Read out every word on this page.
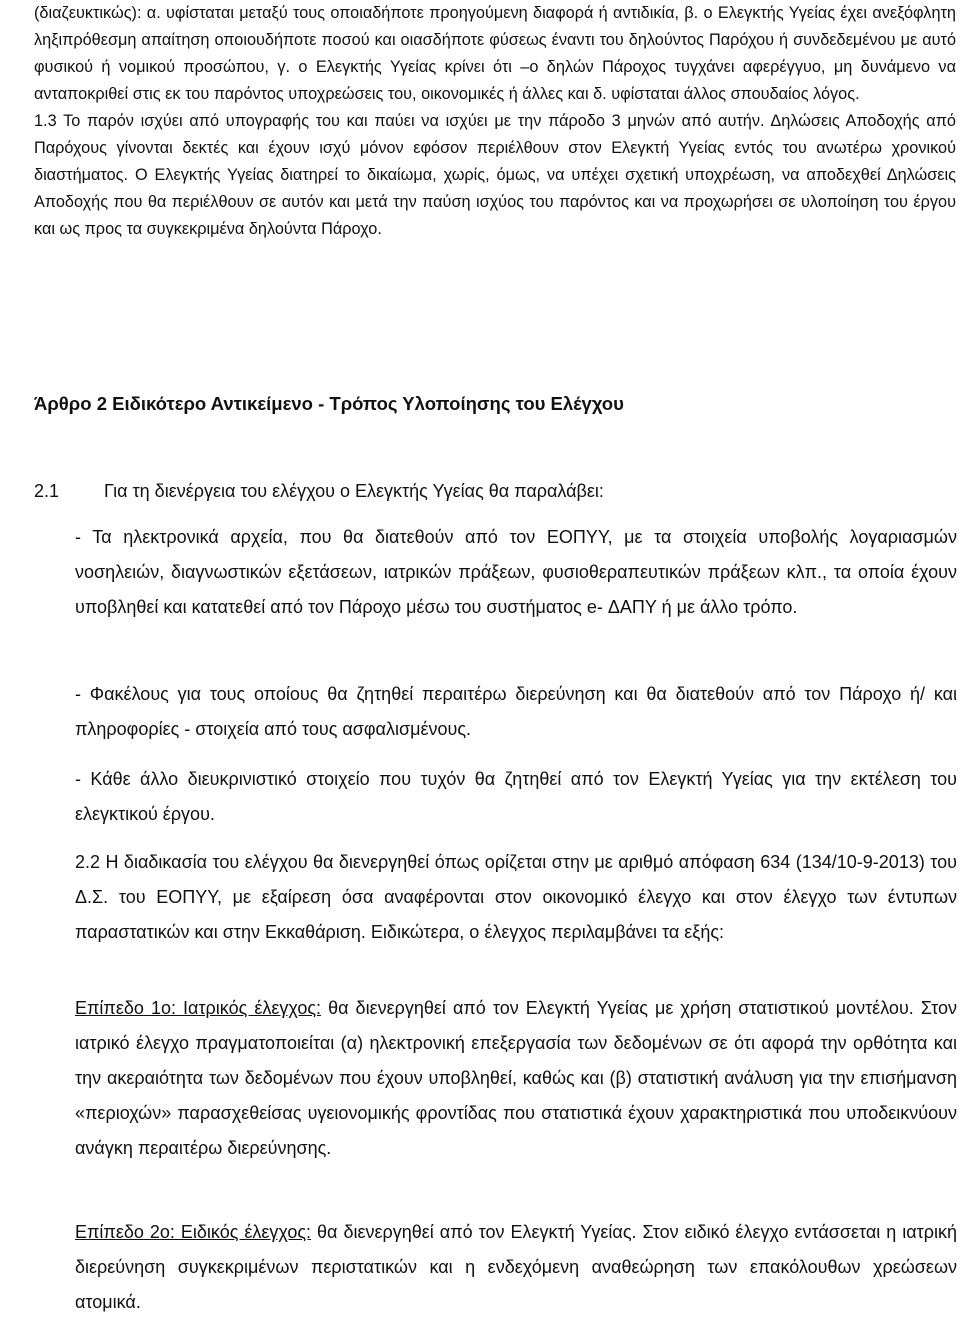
(διαζευκτικώς): α. υφίσταται μεταξύ τους οποιαδήποτε προηγούμενη διαφορά ή αντιδικία, β. ο Ελεγκτής Υγείας έχει ανεξόφλητη ληξιπρόθεσμη απαίτηση οποιουδήποτε ποσού και οιασδήποτε φύσεως έναντι του δηλούντος Παρόχου ή συνδεδεμένου με αυτό φυσικού ή νομικού προσώπου, γ. ο Ελεγκτής Υγείας κρίνει ότι –ο δηλών Πάροχος τυγχάνει αφερέγγυο, μη δυνάμενο να ανταποκριθεί στις εκ του παρόντος υποχρεώσεις του, οικονομικές ή άλλες και δ. υφίσταται άλλος σπουδαίος λόγος.

1.3 Το παρόν ισχύει από υπογραφής του και παύει να ισχύει με την πάροδο 3 μηνών από αυτήν. Δηλώσεις Αποδοχής από Παρόχους γίνονται δεκτές και έχουν ισχύ μόνον εφόσον περιέλθουν στον Ελεγκτή Υγείας εντός του ανωτέρω χρονικού διαστήματος. Ο Ελεγκτής Υγείας διατηρεί το δικαίωμα, χωρίς, όμως, να υπέχει σχετική υποχρέωση, να αποδεχθεί Δηλώσεις Αποδοχής που θα περιέλθουν σε αυτόν και μετά την παύση ισχύος του παρόντος και να προχωρήσει σε υλοποίηση του έργου και ως προς τα συγκεκριμένα δηλούντα Πάροχο.

Άρθρο 2 Ειδικότερο Αντικείμενο - Τρόπος Υλοποίησης του Ελέγχου
2.1 Για τη διενέργεια του ελέγχου ο Ελεγκτής Υγείας θα παραλάβει:
- Τα ηλεκτρονικά αρχεία, που θα διατεθούν από τον ΕΟΠΥΥ, με τα στοιχεία υποβολής λογαριασμών νοσηλειών, διαγνωστικών εξετάσεων, ιατρικών πράξεων, φυσιοθεραπευτικών πράξεων κλπ., τα οποία έχουν υποβληθεί και κατατεθεί από τον Πάροχο μέσω του συστήματος e- ΔΑΠΥ ή με άλλο τρόπο.
- Φακέλους για τους οποίους θα ζητηθεί περαιτέρω διερεύνηση και θα διατεθούν από τον Πάροχο ή/ και πληροφορίες - στοιχεία από τους ασφαλισμένους.
- Κάθε άλλο διευκρινιστικό στοιχείο που τυχόν θα ζητηθεί από τον Ελεγκτή Υγείας για την εκτέλεση του ελεγκτικού έργου.
2.2 Η διαδικασία του ελέγχου θα διενεργηθεί όπως ορίζεται στην με αριθμό απόφαση 634 (134/10-9-2013) του Δ.Σ. του ΕΟΠΥΥ, με εξαίρεση όσα αναφέρονται στον οικονομικό έλεγχο και στον έλεγχο των έντυπων παραστατικών και στην Εκκαθάριση. Ειδικώτερα, ο έλεγχος περιλαμβάνει τα εξής:
Επίπεδο 1ο: Ιατρικός έλεγχος: θα διενεργηθεί από τον Ελεγκτή Υγείας με χρήση στατιστικού μοντέλου. Στον ιατρικό έλεγχο πραγματοποιείται (α) ηλεκτρονική επεξεργασία των δεδομένων σε ότι αφορά την ορθότητα και την ακεραιότητα των δεδομένων που έχουν υποβληθεί, καθώς και (β) στατιστική ανάλυση για την επισήμανση «περιοχών» παρασχεθείσας υγειονομικής φροντίδας που στατιστικά έχουν χαρακτηριστικά που υποδεικνύουν ανάγκη περαιτέρω διερεύνησης.
Επίπεδο 2ο: Ειδικός έλεγχος: θα διενεργηθεί από τον Ελεγκτή Υγείας. Στον ειδικό έλεγχο εντάσσεται η ιατρική διερεύνηση συγκεκριμένων περιστατικών και η ενδεχόμενη αναθεώρηση των επακόλουθων χρεώσεων ατομικά.
